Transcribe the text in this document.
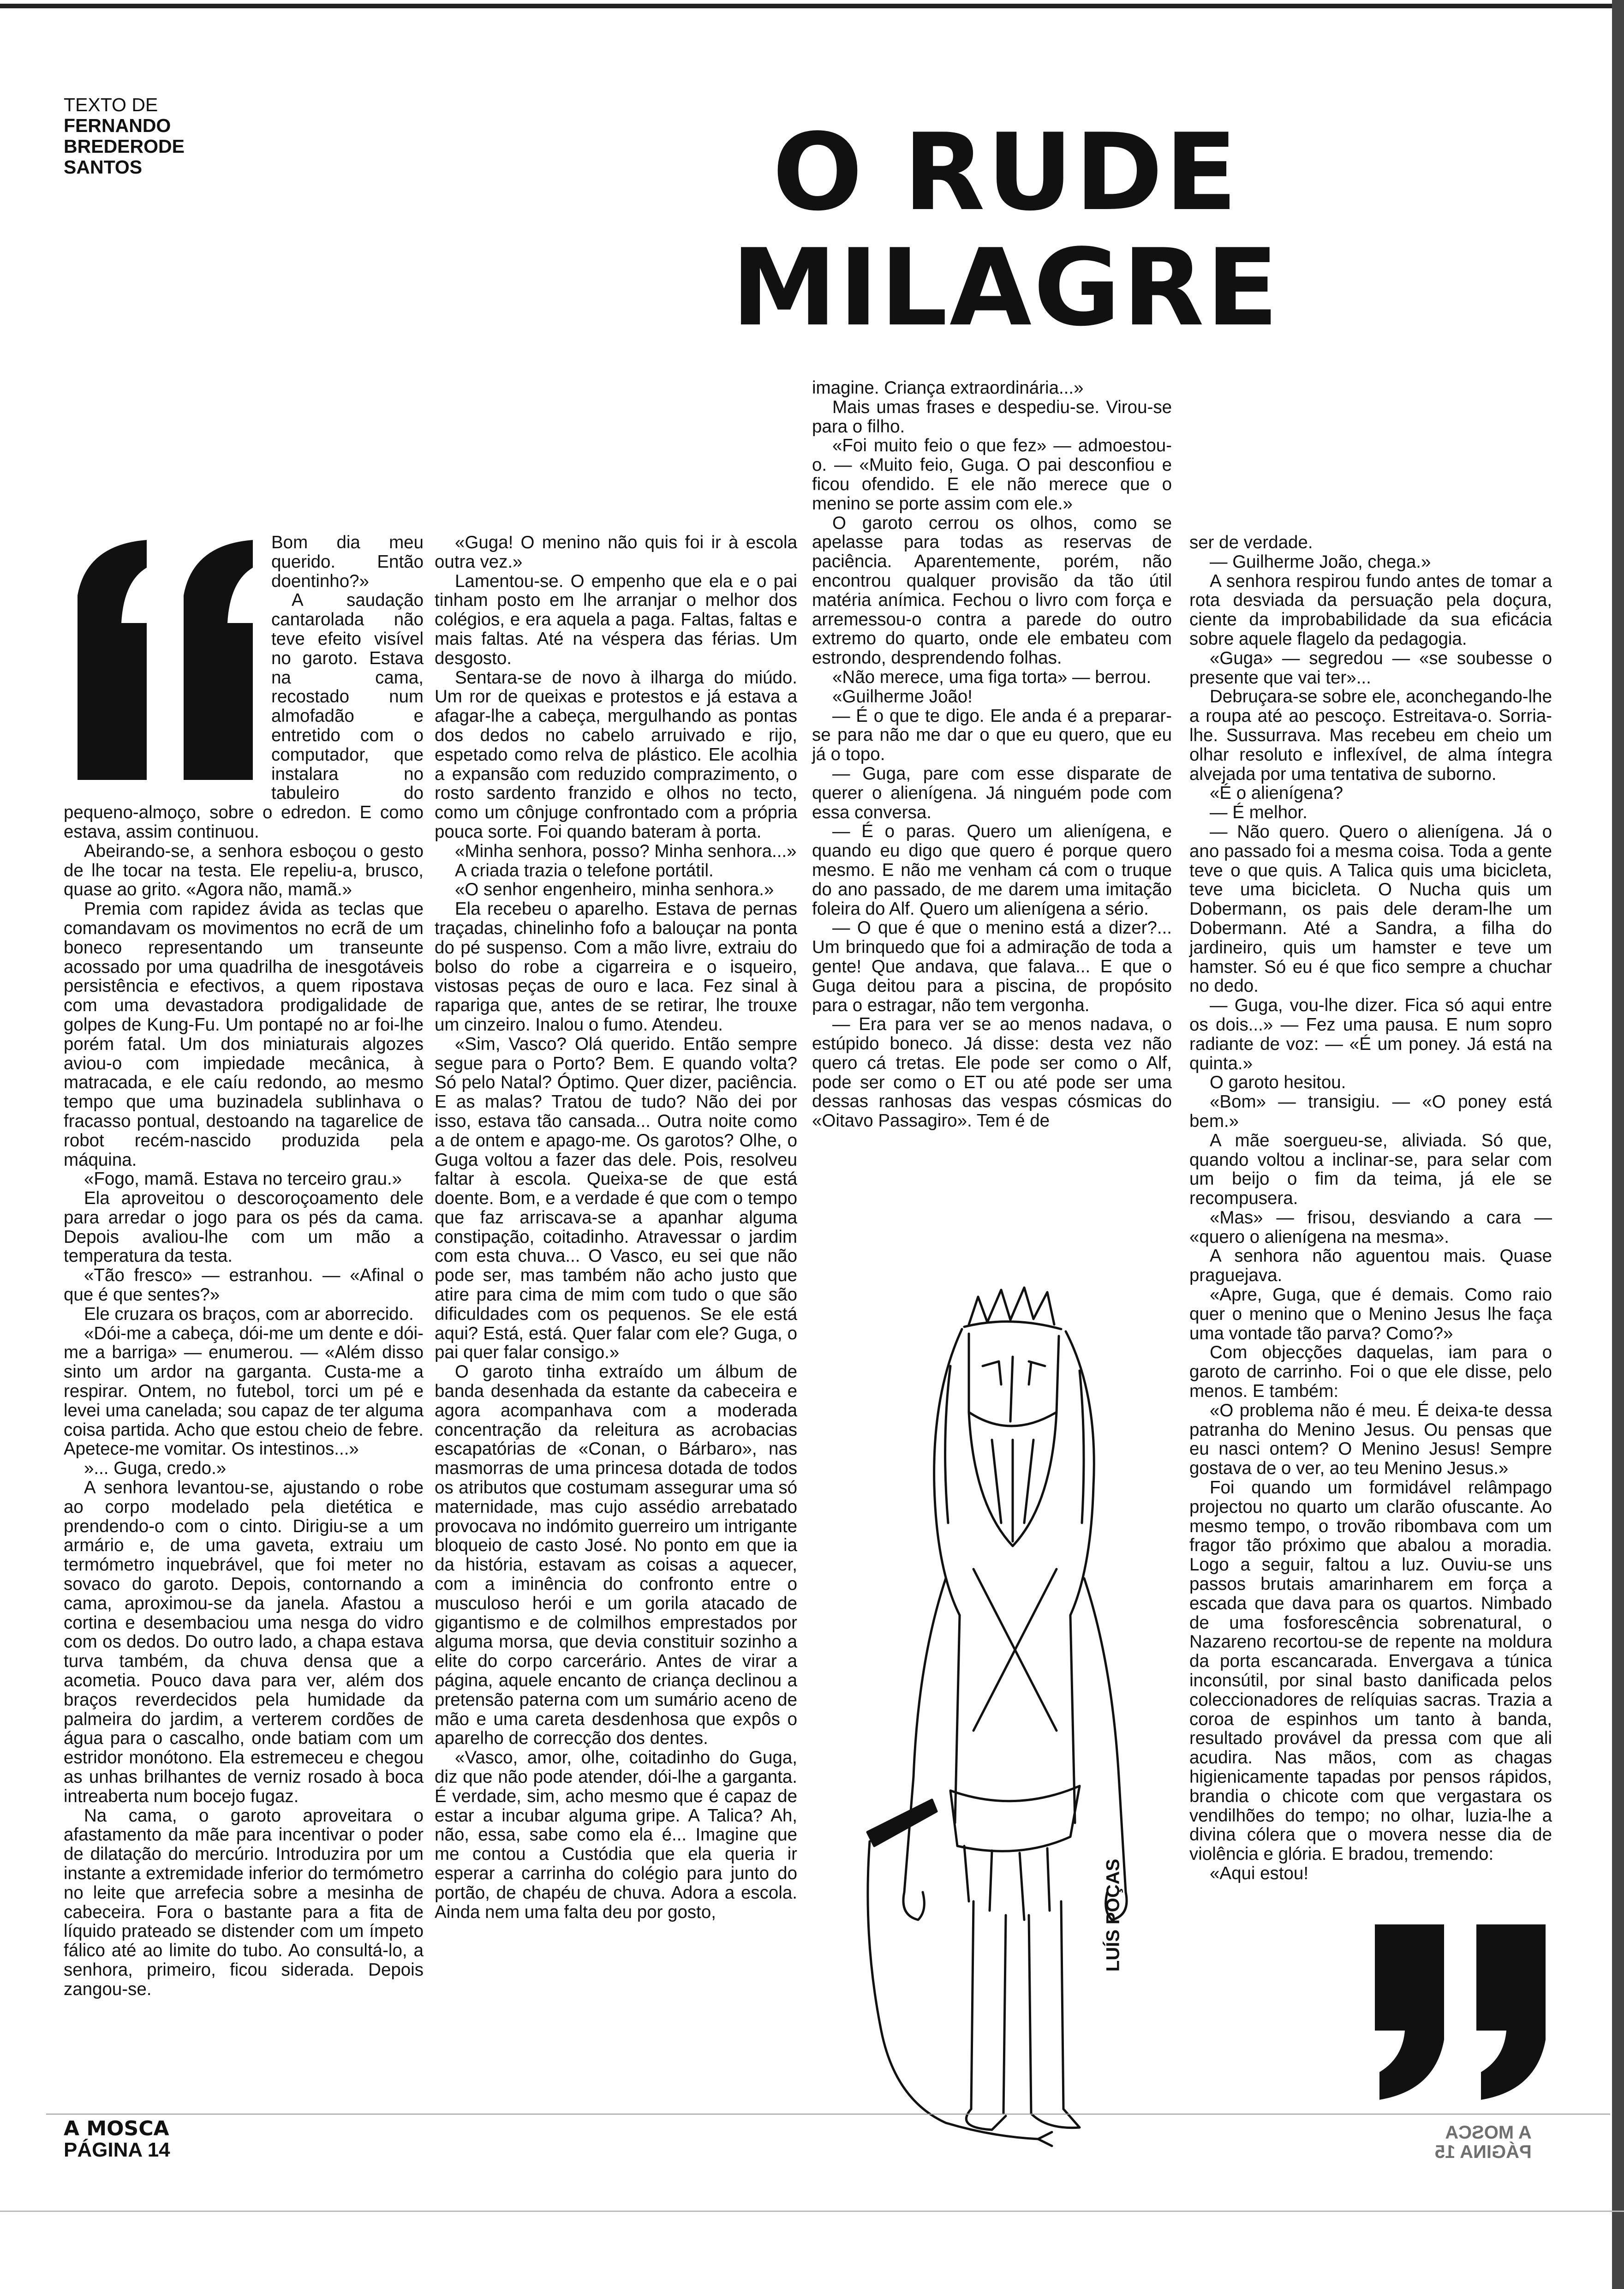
TEXTO DE
FERNANDO
BREDERODE
SANTOS	O RUDE
MILAGRE

Bom dia meu querido. Então doentinho?»

A saudação cantarolada não teve efeito visível no garoto. Estava na cama, recostado num almofadão e entretido com o computador, que instalara no tabuleiro do pequeno-almoço, sobre o edredon. E como estava, assim continuou.

Abeirando-se, a senhora esboçou o gesto de lhe tocar na testa. Ele repeliu-a, brusco, quase ao grito. «Agora não, mamã.»

Premia com rapidez ávida as teclas que comandavam os movimentos no ecrã de um boneco representando um transeunte acossado por uma quadrilha de inesgotáveis persistência e efectivos, a quem ripostava com uma devastadora prodigalidade de golpes de Kung-Fu. Um pontapé no ar foi-lhe porém fatal. Um dos miniaturais algozes aviou-o com impiedade mecânica, à matracada, e ele caíu redondo, ao mesmo tempo que uma buzinadela sublinhava o fracasso pontual, destoando na tagarelice de robot recém-nascido produzida pela máquina.

«Fogo, mamã. Estava no terceiro grau.»

Ela aproveitou o descoroçoamento dele para arredar o jogo para os pés da cama. Depois avaliou-lhe com um mão a temperatura da testa.

«Tão fresco» — estranhou. — «Afinal o que é que sentes?»

Ele cruzara os braços, com ar aborrecido.

«Dói-me a cabeça, dói-me um dente e dói-me a barriga» — enumerou. — «Além disso sinto um ardor na garganta. Custa-me a respirar. Ontem, no futebol, torci um pé e levei uma canelada; sou capaz de ter alguma coisa partida. Acho que estou cheio de febre. Apetece-me vomitar. Os intestinos...»

»... Guga, credo.»

A senhora levantou-se, ajustando o robe ao corpo modelado pela dietética e prendendo-o com o cinto. Dirigiu-se a um armário e, de uma gaveta, extraiu um termómetro inquebrável, que foi meter no sovaco do garoto. Depois, contornando a cama, aproximou-se da janela. Afastou a cortina e desembaciou uma nesga do vidro com os dedos. Do outro lado, a chapa estava turva também, da chuva densa que a acometia. Pouco dava para ver, além dos braços reverdecidos pela humidade da palmeira do jardim, a verterem cordões de água para o cascalho, onde batiam com um estridor monótono. Ela estremeceu e chegou as unhas brilhantes de verniz rosado à boca intreaberta num bocejo fugaz.

Na cama, o garoto aproveitara o afastamento da mãe para incentivar o poder de dilatação do mercúrio. Introduzira por um instante a extremidade inferior do termómetro no leite que arrefecia sobre a mesinha de cabeceira. Fora o bastante para a fita de líquido prateado se distender com um ímpeto fálico até ao limite do tubo. Ao consultá-lo, a senhora, primeiro, ficou siderada. Depois zangou-se.

«Guga! O menino não quis foi ir à escola outra vez.»

Lamentou-se. O empenho que ela e o pai tinham posto em lhe arranjar o melhor dos colégios, e era aquela a paga. Faltas, faltas e mais faltas. Até na véspera das férias. Um desgosto.

Sentara-se de novo à ilharga do miúdo. Um ror de queixas e protestos e já estava a afagar-lhe a cabeça, mergulhando as pontas dos dedos no cabelo arruivado e rijo, espetado como relva de plástico. Ele acolhia a expansão com reduzido comprazimento, o rosto sardento franzido e olhos no tecto, como um cônjuge confrontado com a própria pouca sorte. Foi quando bateram à porta.

«Minha senhora, posso? Minha senhora...»

A criada trazia o telefone portátil.

«O senhor engenheiro, minha senhora.»

Ela recebeu o aparelho. Estava de pernas traçadas, chinelinho fofo a balouçar na ponta do pé suspenso. Com a mão livre, extraiu do bolso do robe a cigarreira e o isqueiro, vistosas peças de ouro e laca. Fez sinal à rapariga que, antes de se retirar, lhe trouxe um cinzeiro. Inalou o fumo. Atendeu.

«Sim, Vasco? Olá querido. Então sempre segue para o Porto? Bem. E quando volta? Só pelo Natal? Óptimo. Quer dizer, paciência. E as malas? Tratou de tudo? Não dei por isso, estava tão cansada... Outra noite como a de ontem e apago-me. Os garotos? Olhe, o Guga voltou a fazer das dele. Pois, resolveu faltar à escola. Queixa-se de que está doente. Bom, e a verdade é que com o tempo que faz arriscava-se a apanhar alguma constipação, coitadinho. Atravessar o jardim com esta chuva... O Vasco, eu sei que não pode ser, mas também não acho justo que atire para cima de mim com tudo o que são dificuldades com os pequenos. Se ele está aqui? Está, está. Quer falar com ele? Guga, o pai quer falar consigo.»

O garoto tinha extraído um álbum de banda desenhada da estante da cabeceira e agora acompanhava com a moderada concentração da releitura as acrobacias escapatórias de «Conan, o Bárbaro», nas masmorras de uma princesa dotada de todos os atributos que costumam assegurar uma só maternidade, mas cujo assédio arrebatado provocava no indómito guerreiro um intrigante bloqueio de casto José. No ponto em que ia da história, estavam as coisas a aquecer, com a iminência do confronto entre o musculoso herói e um gorila atacado de gigantismo e de colmilhos emprestados por alguma morsa, que devia constituir sozinho a elite do corpo carcerário. Antes de virar a página, aquele encanto de criança declinou a pretensão paterna com um sumário aceno de mão e uma careta desdenhosa que expôs o aparelho de correcção dos dentes.

«Vasco, amor, olhe, coitadinho do Guga, diz que não pode atender, dói-lhe a garganta. É verdade, sim, acho mesmo que é capaz de estar a incubar alguma gripe. A Talica? Ah, não, essa, sabe como ela é... Imagine que me contou a Custódia que ela queria ir esperar a carrinha do colégio para junto do portão, de chapéu de chuva. Adora a escola. Ainda nem uma falta deu por gosto,

imagine. Criança extraordinária...»

Mais umas frases e despediu-se. Virou-se para o filho.

«Foi muito feio o que fez» — admoestou-o. — «Muito feio, Guga. O pai desconfiou e ficou ofendido. E ele não merece que o menino se porte assim com ele.»

O garoto cerrou os olhos, como se apelasse para todas as reservas de paciência. Aparentemente, porém, não encontrou qualquer provisão da tão útil matéria anímica. Fechou o livro com força e arremessou-o contra a parede do outro extremo do quarto, onde ele embateu com estrondo, desprendendo folhas.

«Não merece, uma figa torta» — berrou.

«Guilherme João!

— É o que te digo. Ele anda é a preparar-se para não me dar o que eu quero, que eu já o topo.

— Guga, pare com esse disparate de querer o alienígena. Já ninguém pode com essa conversa.

— É o paras. Quero um alienígena, e quando eu digo que quero é porque quero mesmo. E não me venham cá com o truque do ano passado, de me darem uma imitação foleira do Alf. Quero um alienígena a sério.

— O que é que o menino está a dizer?... Um brinquedo que foi a admiração de toda a gente! Que andava, que falava... E que o Guga deitou para a piscina, de propósito para o estragar, não tem vergonha.

— Era para ver se ao menos nadava, o estúpido boneco. Já disse: desta vez não quero cá tretas. Ele pode ser como o Alf, pode ser como o ET ou até pode ser uma dessas ranhosas das vespas cósmicas do «Oitavo Passagiro». Tem é de

ser de verdade.

— Guilherme João, chega.»

A senhora respirou fundo antes de tomar a rota desviada da persuação pela doçura, ciente da improbabilidade da sua eficácia sobre aquele flagelo da pedagogia.

«Guga» — segredou — «se soubesse o presente que vai ter»...

Debruçara-se sobre ele, aconchegando-lhe a roupa até ao pescoço. Estreitava-o. Sorria-lhe. Sussurrava. Mas recebeu em cheio um olhar resoluto e inflexível, de alma íntegra alvejada por uma tentativa de suborno.

«É o alienígena?

— É melhor.

— Não quero. Quero o alienígena. Já o ano passado foi a mesma coisa. Toda a gente teve o que quis. A Talica quis uma bicicleta, teve uma bicicleta. O Nucha quis um Dobermann, os pais dele deram-lhe um Dobermann. Até a Sandra, a filha do jardineiro, quis um hamster e teve um hamster. Só eu é que fico sempre a chuchar no dedo.

— Guga, vou-lhe dizer. Fica só aqui entre os dois...» — Fez uma pausa. E num sopro radiante de voz: — «É um poney. Já está na quinta.»

O garoto hesitou.

«Bom» — transigiu. — «O poney está bem.»

A mãe soergueu-se, aliviada. Só que, quando voltou a inclinar-se, para selar com um beijo o fim da teima, já ele se recompusera.

«Mas» — frisou, desviando a cara — «quero o alienígena na mesma».

A senhora não aguentou mais. Quase praguejava.

«Apre, Guga, que é demais. Como raio quer o menino que o Menino Jesus lhe faça uma vontade tão parva? Como?»

Com objecções daquelas, iam para o garoto de carrinho. Foi o que ele disse, pelo menos. E também:

«O problema não é meu. É deixa-te dessa patranha do Menino Jesus. Ou pensas que eu nasci ontem? O Menino Jesus! Sempre gostava de o ver, ao teu Menino Jesus.»

Foi quando um formidável relâmpago projectou no quarto um clarão ofuscante. Ao mesmo tempo, o trovão ribombava com um fragor tão próximo que abalou a moradia. Logo a seguir, faltou a luz. Ouviu-se uns passos brutais amarinharem em força a escada que dava para os quartos. Nimbado de uma fosforescência sobrenatural, o Nazareno recortou-se de repente na moldura da porta escancarada. Envergava a túnica inconsútil, por sinal basto danificada pelos coleccionadores de relíquias sacras. Trazia a coroa de espinhos um tanto à banda, resultado provável da pressa com que ali acudira. Nas mãos, com as chagas higienicamente tapadas por pensos rápidos, brandia o chicote com que vergastara os vendilhões do tempo; no olhar, luzia-lhe a divina cólera que o movera nesse dia de violência e glória. E bradou, tremendo:

«Aqui estou!

LUÍS POÇAS
A MOSCA
PÁGINA 14
A MOSCA
PÁGINA 15
